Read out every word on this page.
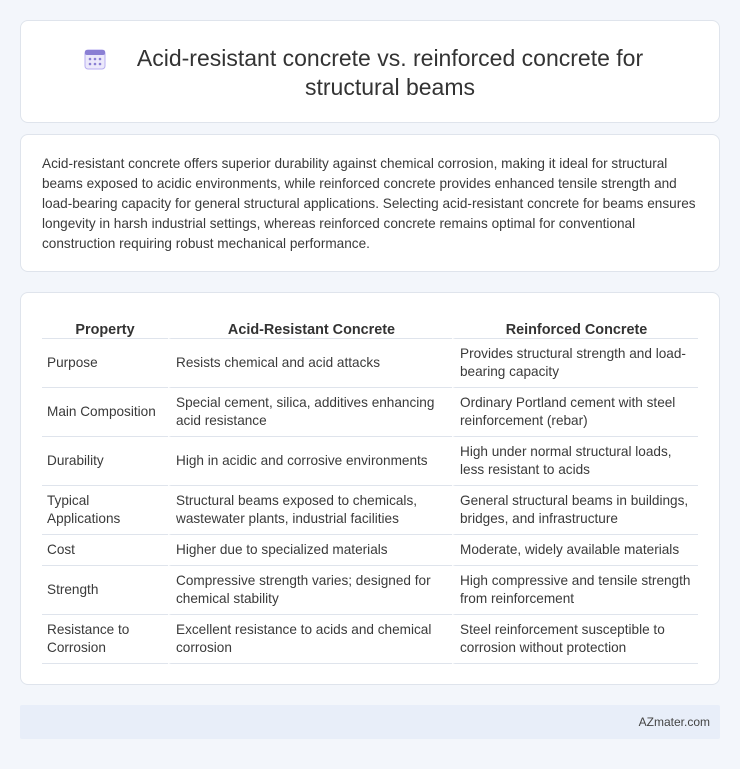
Acid-resistant concrete vs. reinforced concrete for structural beams

Acid-resistant concrete offers superior durability against chemical corrosion, making it ideal for structural beams exposed to acidic environments, while reinforced concrete provides enhanced tensile strength and load-bearing capacity for general structural applications. Selecting acid-resistant concrete for beams ensures longevity in harsh industrial settings, whereas reinforced concrete remains optimal for conventional construction requiring robust mechanical performance.

Property	Acid-Resistant Concrete	Reinforced Concrete
Purpose	Resists chemical and acid attacks	Provides structural strength and load-bearing capacity
Main Composition	Special cement, silica, additives enhancing acid resistance	Ordinary Portland cement with steel reinforcement (rebar)
Durability	High in acidic and corrosive environments	High under normal structural loads, less resistant to acids
Typical Applications	Structural beams exposed to chemicals, wastewater plants, industrial facilities	General structural beams in buildings, bridges, and infrastructure
Cost	Higher due to specialized materials	Moderate, widely available materials
Strength	Compressive strength varies; designed for chemical stability	High compressive and tensile strength from reinforcement
Resistance to Corrosion	Excellent resistance to acids and chemical corrosion	Steel reinforcement susceptible to corrosion without protection
AZmater.com
